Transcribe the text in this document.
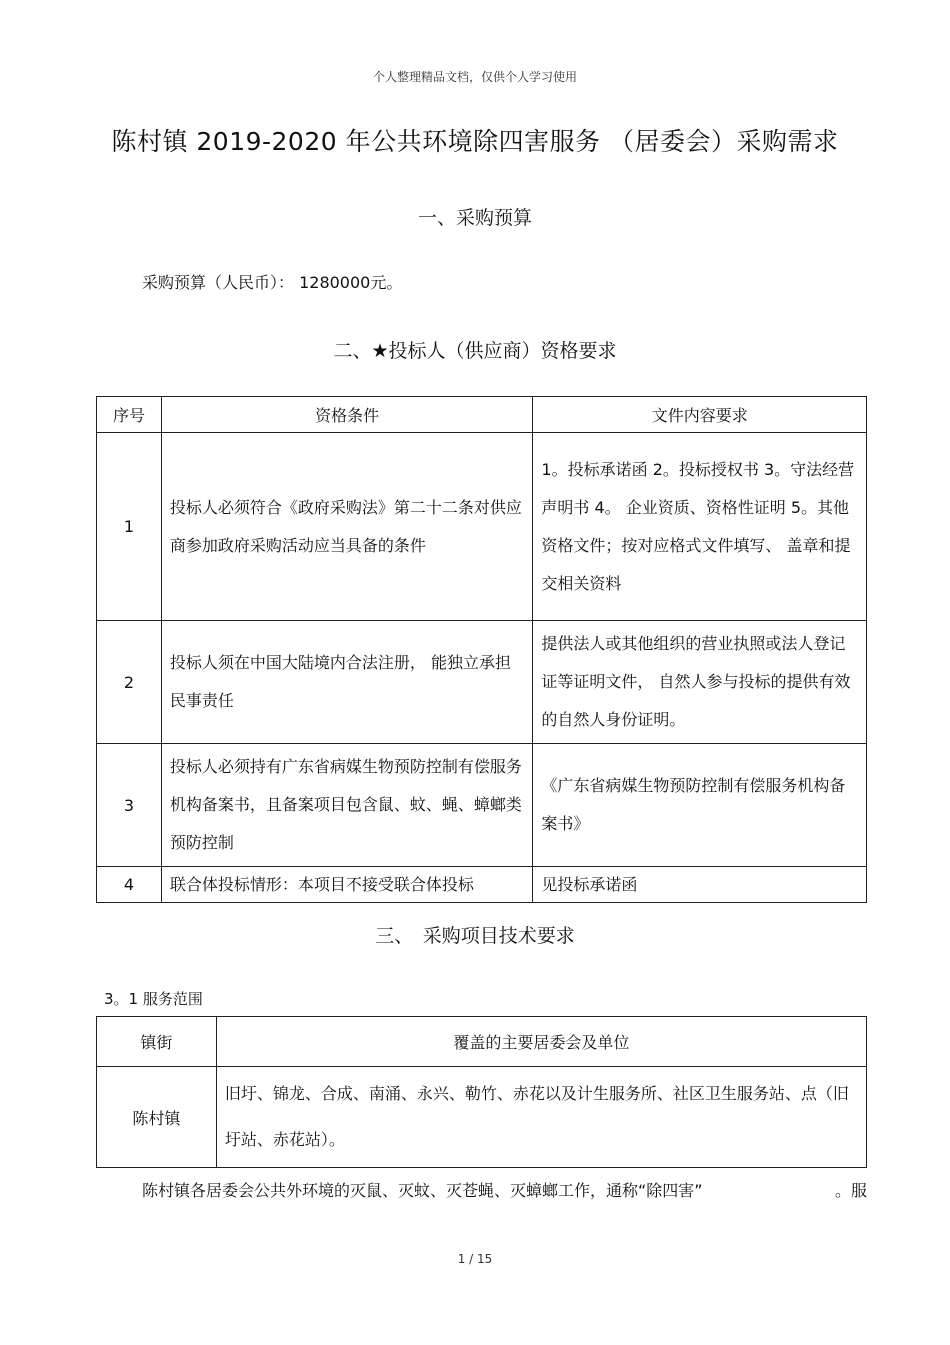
个人整理精品文档，仅供个人学习使用
陈村镇 2019-2020 年公共环境除四害服务 （居委会）采购需求
一、采购预算
采购预算（人民币）： 1280000元。
二、★投标人（供应商）资格要求
序号	资格条件	文件内容要求
1	投标人必须符合《政府采购法》第二十二条对供应商参加政府采购活动应当具备的条件	1。投标承诺函 2。投标授权书 3。守法经营声明书 4。 企业资质、资格性证明 5。其他资格文件；按对应格式文件填写、 盖章和提交相关资料
2	投标人须在中国大陆境内合法注册， 能独立承担民事责任	提供法人或其他组织的营业执照或法人登记证等证明文件， 自然人参与投标的提供有效的自然人身份证明。
3	投标人必须持有广东省病媒生物预防控制有偿服务机构备案书，且备案项目包含鼠、蚊、蝇、蟑螂类预防控制	《广东省病媒生物预防控制有偿服务机构备案书》
4	联合体投标情形：本项目不接受联合体投标	见投标承诺函
三、　采购项目技术要求
3。1 服务范围
镇街	覆盖的主要居委会及单位
陈村镇	旧圩、锦龙、合成、南涌、永兴、勒竹、赤花以及计生服务所、社区卫生服务站、点（旧圩站、赤花站）。
陈村镇各居委会公共外环境的灭鼠、灭蚊、灭苍蝇、灭蟑螂工作，通称“除四害”	。服
1 / 15
